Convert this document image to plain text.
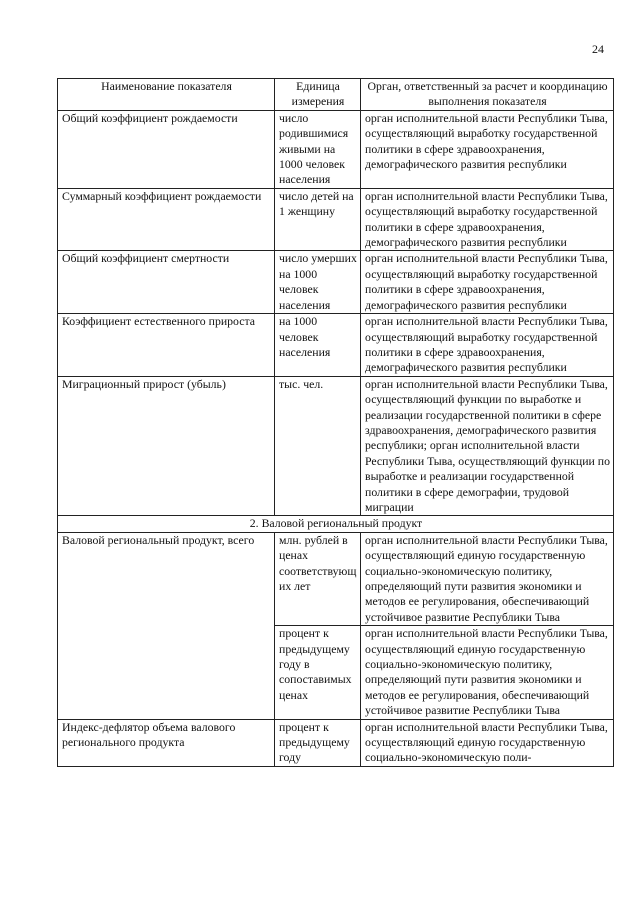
24
Наименование показателя	Единица измерения	Орган, ответственный за расчет и координацию выполнения показателя
Общий коэффициент рождаемости	число родившимися живыми на 1000 человек населения	орган исполнительной власти Республики Тыва, осуществляющий выработку государственной политики в сфере здравоохранения, демографического развития республики
Суммарный коэффициент рождаемости	число детей на 1 женщину	орган исполнительной власти Республики Тыва, осуществляющий выработку государственной политики в сфере здравоохранения, демографического развития республики
Общий коэффициент смертности	число умерших на 1000 человек населения	орган исполнительной власти Республики Тыва, осуществляющий выработку государственной политики в сфере здравоохранения, демографического развития республики
Коэффициент естественного прироста	на 1000 человек населения	орган исполнительной власти Республики Тыва, осуществляющий выработку государственной политики в сфере здравоохранения, демографического развития республики
Миграционный прирост (убыль)	тыс. чел.	орган исполнительной власти Республики Тыва, осуществляющий функции по выработке и реализации государственной политики в сфере здравоохранения, демографического развития республики; орган исполнительной власти Республики Тыва, осуществляющий функции по выработке и реализации государственной политики в сфере демографии, трудовой миграции
2. Валовой региональный продукт		
Валовой региональный продукт, всего	млн. рублей в ценах соответствующих лет	орган исполнительной власти Республики Тыва, осуществляющий единую государственную социально-экономическую политику, определяющий пути развития экономики и методов ее регулирования, обеспечивающий устойчивое развитие Республики Тыва
	процент к предыдущему году в сопоставимых ценах	орган исполнительной власти Республики Тыва, осуществляющий единую государственную социально-экономическую политику, определяющий пути развития экономики и методов ее регулирования, обеспечивающий устойчивое развитие Республики Тыва
Индекс-дефлятор объема валового регионального продукта	процент к предыдущему году	орган исполнительной власти Республики Тыва, осуществляющий единую государственную социально-экономическую поли-
